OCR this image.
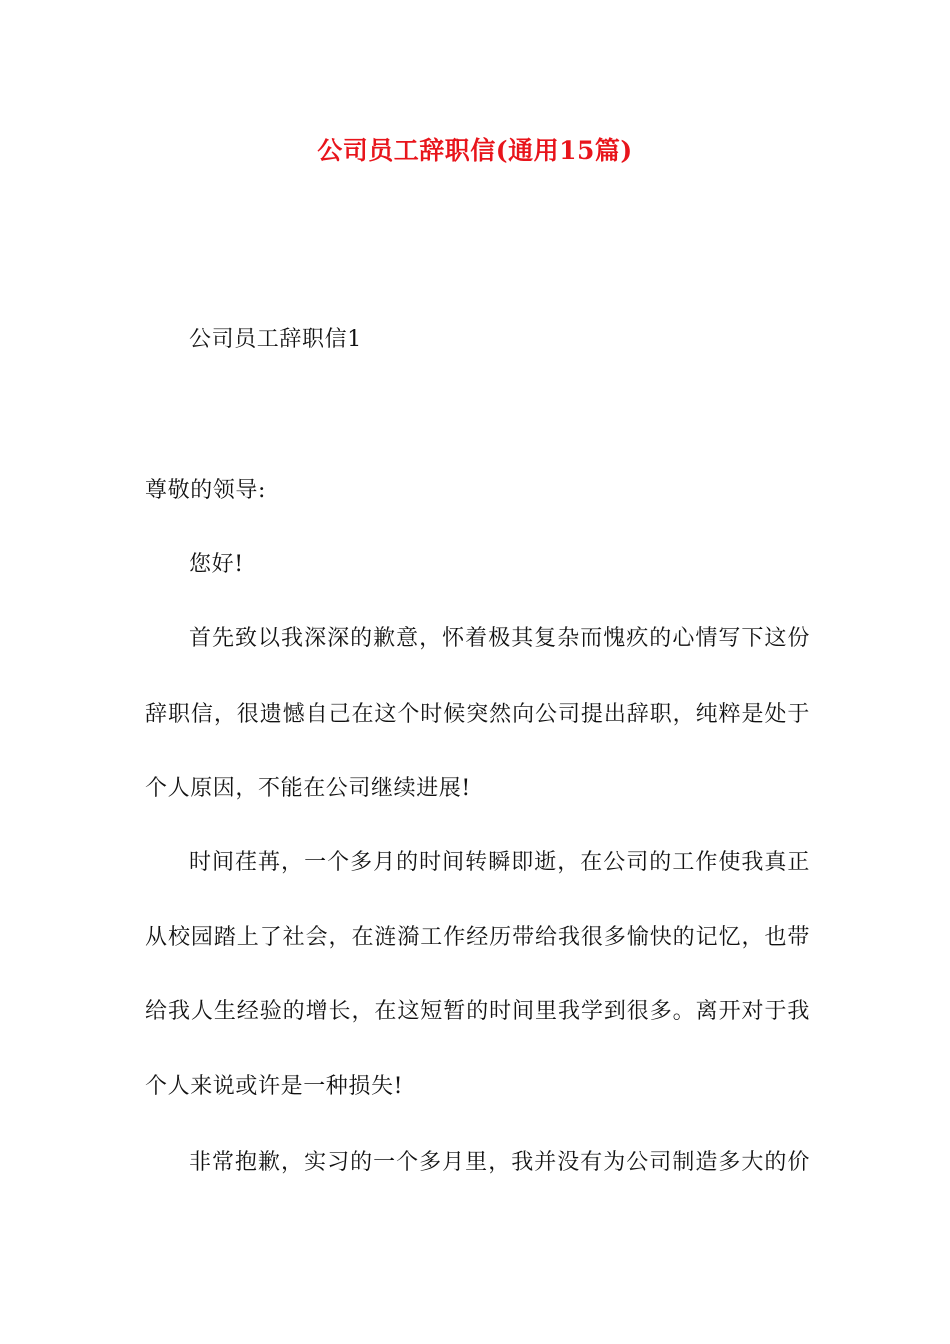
公司员工辞职信(通用15篇)
公司员工辞职信1
尊敬的领导:
您好!
首先致以我深深的歉意，怀着极其复杂而愧疚的心情写下这份
辞职信，很遗憾自己在这个时候突然向公司提出辞职，纯粹是处于
个人原因，不能在公司继续进展!
时间荏苒，一个多月的时间转瞬即逝，在公司的工作使我真正
从校园踏上了社会，在涟漪工作经历带给我很多愉快的记忆，也带
给我人生经验的增长，在这短暂的时间里我学到很多。离开对于我
个人来说或许是一种损失!
非常抱歉，实习的一个多月里，我并没有为公司制造多大的价
